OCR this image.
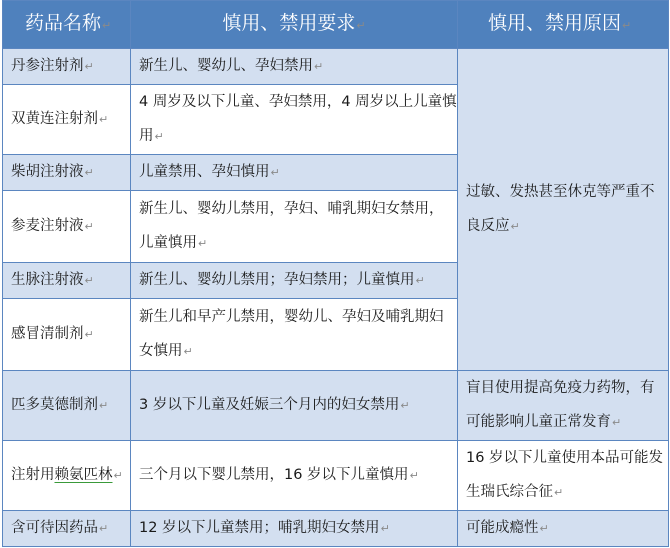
药品名称↵	慎用、禁用要求↵	慎用、禁用原因↵
丹参注射剂↵	新生儿、婴幼儿、孕妇禁用↵	过敏、发热甚至休克等严重不良反应↵
双黄连注射剂↵	4 周岁及以下儿童、孕妇禁用，4 周岁以上儿童慎用↵	
柴胡注射液↵	儿童禁用、孕妇慎用↵	
参麦注射液↵	新生儿、婴幼儿禁用，孕妇、哺乳期妇女禁用，儿童慎用↵	
生脉注射液↵	新生儿、婴幼儿禁用；孕妇禁用；儿童慎用↵	
感冒清制剂↵	新生儿和早产儿禁用，婴幼儿、孕妇及哺乳期妇女慎用↵	
匹多莫德制剂↵	3 岁以下儿童及妊娠三个月内的妇女禁用↵	盲目使用提高免疫力药物，有可能影响儿童正常发育↵
注射用赖氨匹林↵	三个月以下婴儿禁用，16 岁以下儿童慎用↵	16 岁以下儿童使用本品可能发生瑞氏综合征↵
含可待因药品↵	12 岁以下儿童禁用；哺乳期妇女禁用↵	可能成瘾性↵
